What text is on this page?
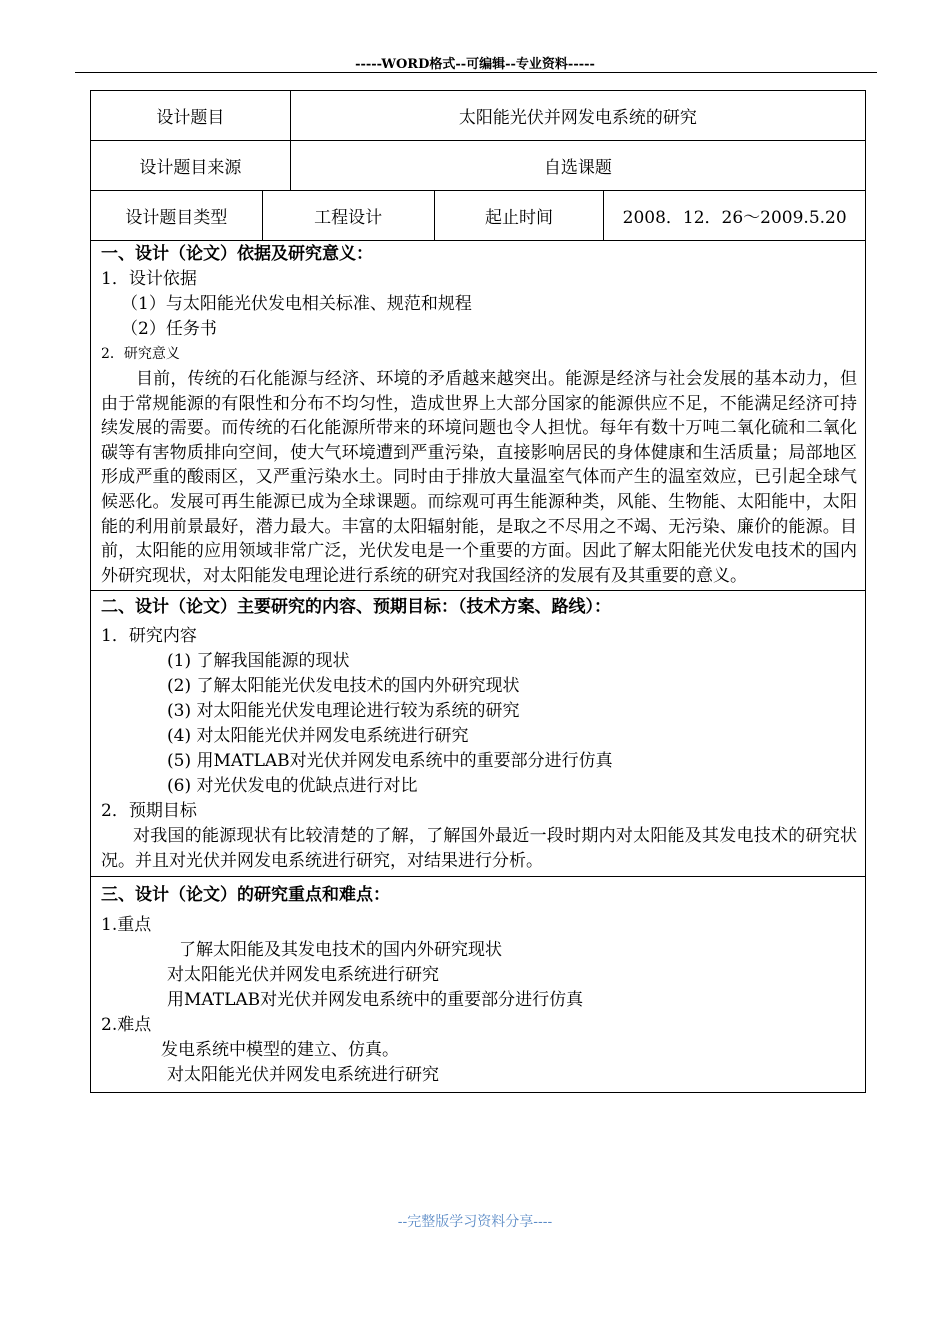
-----WORD格式--可编辑--专业资料-----
设计题目	太阳能光伏并网发电系统的研究
设计题目来源	自选课题
设计题目类型	工程设计	起止时间	2008．12．26～2009.5.20
一、设计（论文）依据及研究意义：
1．设计依据
（1）与太阳能光伏发电相关标准、规范和规程
（2）任务书
2．研究意义
目前，传统的石化能源与经济、环境的矛盾越来越突出。能源是经济与社会发展的基本动力，但由于常规能源的有限性和分布不均匀性，造成世界上大部分国家的能源供应不足，不能满足经济可持续发展的需要。而传统的石化能源所带来的环境问题也令人担忧。每年有数十万吨二氧化硫和二氧化碳等有害物质排向空间，使大气环境遭到严重污染，直接影响居民的身体健康和生活质量；局部地区形成严重的酸雨区，又严重污染水土。同时由于排放大量温室气体而产生的温室效应，已引起全球气候恶化。发展可再生能源已成为全球课题。而综观可再生能源种类，风能、生物能、太阳能中，太阳能的利用前景最好，潜力最大。丰富的太阳辐射能，是取之不尽用之不竭、无污染、廉价的能源。目前，太阳能的应用领域非常广泛，光伏发电是一个重要的方面。因此了解太阳能光伏发电技术的国内外研究现状，对太阳能发电理论进行系统的研究对我国经济的发展有及其重要的意义。
二、设计（论文）主要研究的内容、预期目标：（技术方案、路线）：
1．研究内容
(1) 了解我国能源的现状
(2) 了解太阳能光伏发电技术的国内外研究现状
(3) 对太阳能光伏发电理论进行较为系统的研究
(4) 对太阳能光伏并网发电系统进行研究
(5) 用MATLAB对光伏并网发电系统中的重要部分进行仿真
(6) 对光伏发电的优缺点进行对比
2．预期目标
对我国的能源现状有比较清楚的了解，了解国外最近一段时期内对太阳能及其发电技术的研究状况。并且对光伏并网发电系统进行研究，对结果进行分析。
三、设计（论文）的研究重点和难点：
1.重点
了解太阳能及其发电技术的国内外研究现状
对太阳能光伏并网发电系统进行研究
用MATLAB对光伏并网发电系统中的重要部分进行仿真
2.难点
发电系统中模型的建立、仿真。
对太阳能光伏并网发电系统进行研究
--完整版学习资料分享----
